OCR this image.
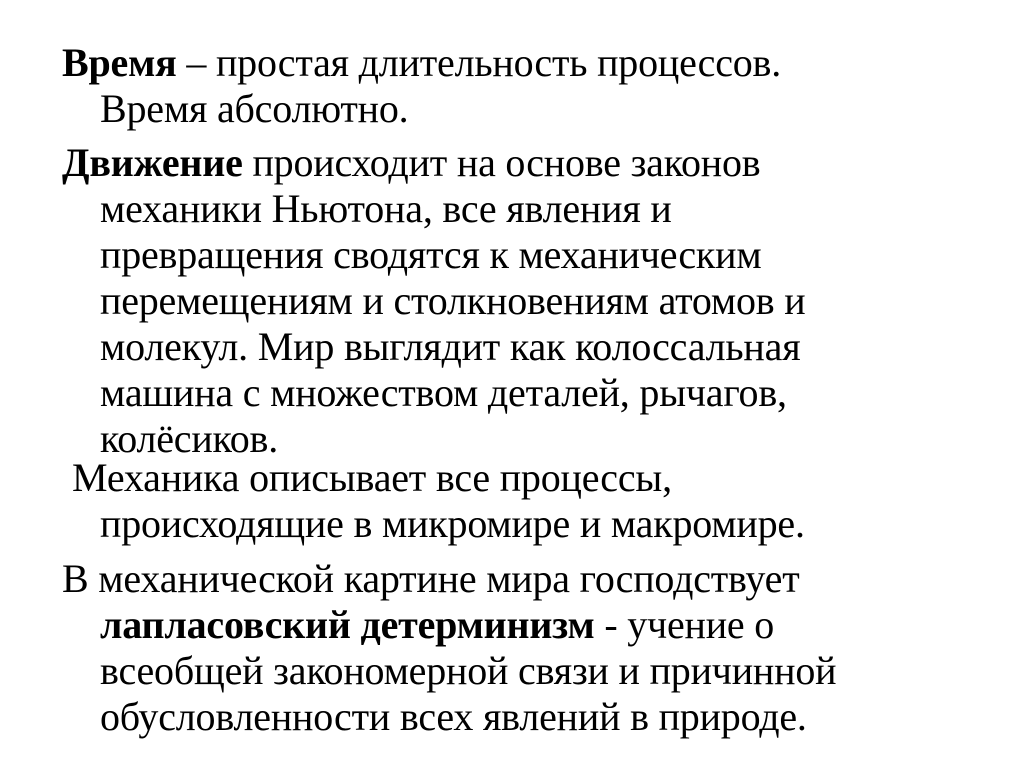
Время – простая длительность процессов.
Время абсолютно.

Движение происходит на основе законов
механики Ньютона, все явления и
превращения сводятся к механическим
перемещениям и столкновениям атомов и
молекул. Мир выглядит как колоссальная
машина с множеством деталей, рычагов,
колёсиков.

Механика описывает все процессы,
происходящие в микромире и макромире.

В механической картине мира господствует
лапласовский детерминизм - учение о
всеобщей закономерной связи и причинной
обусловленности всех явлений в природе.
